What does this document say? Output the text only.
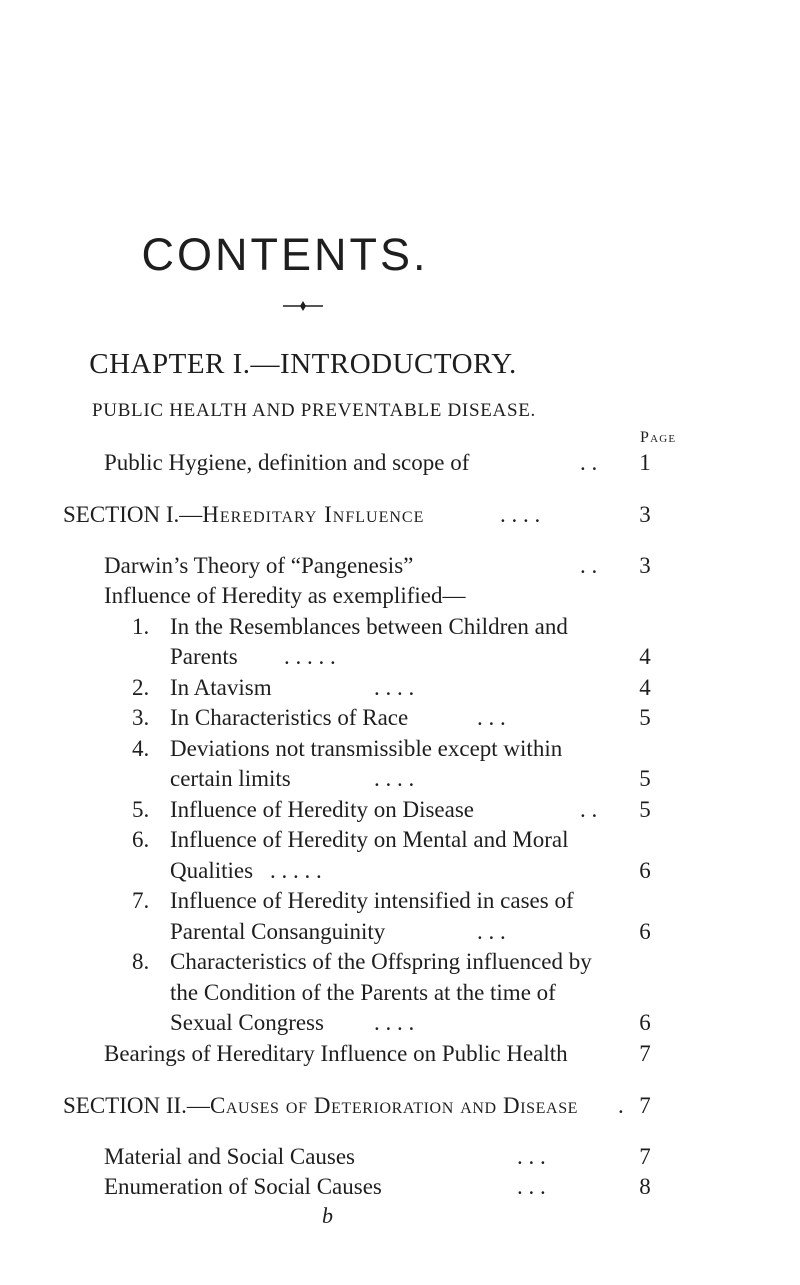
CONTENTS.
CHAPTER I.—INTRODUCTORY.
PUBLIC HEALTH AND PREVENTABLE DISEASE.
Page
Public Hygiene, definition and scope of	. .	1
SECTION I.—Hereditary Influence	. . . .	3
Darwin’s Theory of “Pangenesis”	. .	3
Influence of Heredity as exemplified—
1. In the Resemblances between Children and
Parents . . . . .	4
2. In Atavism	. . . .	4
3. In Characteristics of Race	. . .	5
4. Deviations not transmissible except within
certain limits	. . . .	5
5. Influence of Heredity on Disease	. .	5
6. Influence of Heredity on Mental and Moral
Qualities . . . . .	6
7. Influence of Heredity intensified in cases of
Parental Consanguinity	. . .	6
8. Characteristics of the Offspring influenced by
the Condition of the Parents at the time of
Sexual Congress . . . .	6
Bearings of Hereditary Influence on Public Health	7
SECTION II.—Causes of Deterioration and Disease . 7
Material and Social Causes	. . .	7
Enumeration of Social Causes	. . .	8
b
